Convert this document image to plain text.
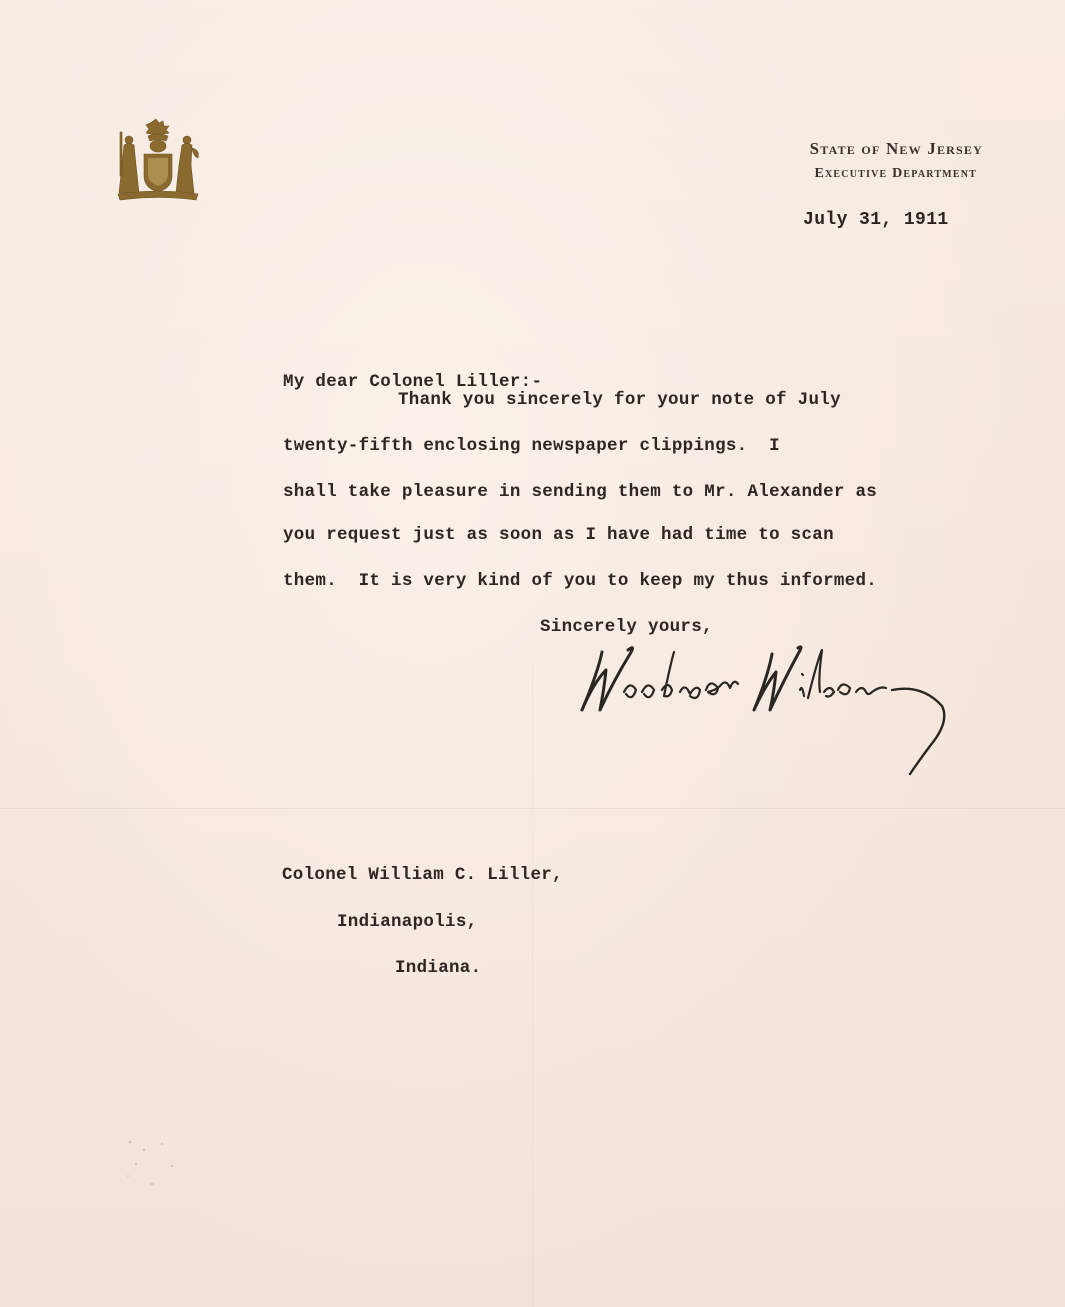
State of New Jersey
Executive Department
July 31, 1911
My dear Colonel Liller:-
Thank you sincerely for your note of July
twenty-fifth enclosing newspaper clippings.  I
shall take pleasure in sending them to Mr. Alexander as
you request just as soon as I have had time to scan
them.  It is very kind of you to keep my thus informed.
Sincerely yours,
Colonel William C. Liller,
Indianapolis,
Indiana.
